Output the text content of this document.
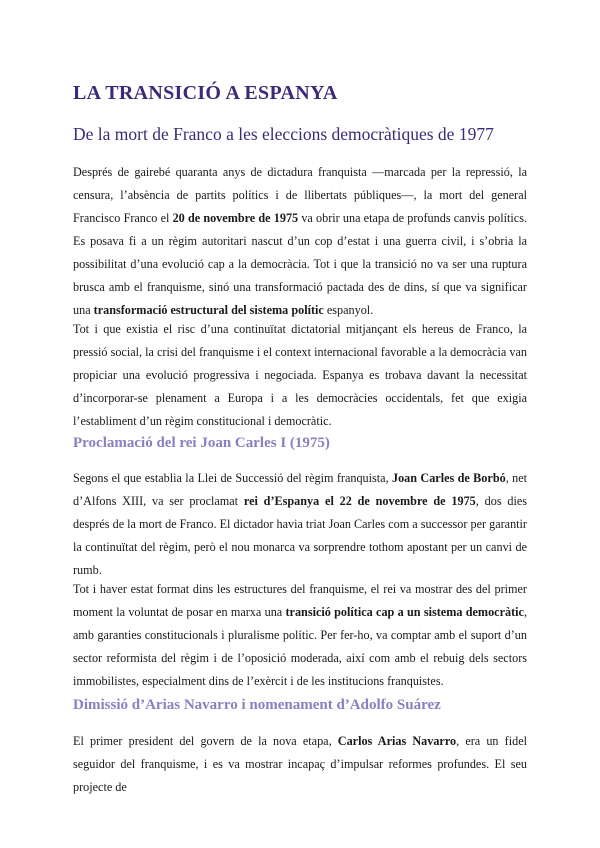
LA TRANSICIÓ A ESPANYA
De la mort de Franco a les eleccions democràtiques de 1977

Després de gairebé quaranta anys de dictadura franquista —marcada per la repressió, la censura, l’absència de partits polítics i de llibertats públiques—, la mort del general Francisco Franco el 20 de novembre de 1975 va obrir una etapa de profunds canvis polítics. Es posava fi a un règim autoritari nascut d’un cop d’estat i una guerra civil, i s’obria la possibilitat d’una evolució cap a la democràcia. Tot i que la transició no va ser una ruptura brusca amb el franquisme, sinó una transformació pactada des de dins, sí que va significar una transformació estructural del sistema polític espanyol.

Tot i que existia el risc d’una continuïtat dictatorial mitjançant els hereus de Franco, la pressió social, la crisi del franquisme i el context internacional favorable a la democràcia van propiciar una evolució progressiva i negociada. Espanya es trobava davant la necessitat d’incorporar-se plenament a Europa i a les democràcies occidentals, fet que exigia l’establiment d’un règim constitucional i democràtic.

Proclamació del rei Joan Carles I (1975)

Segons el que establia la Llei de Successió del règim franquista, Joan Carles de Borbó, net d’Alfons XIII, va ser proclamat rei d’Espanya el 22 de novembre de 1975, dos dies després de la mort de Franco. El dictador havia triat Joan Carles com a successor per garantir la continuïtat del règim, però el nou monarca va sorprendre tothom apostant per un canvi de rumb.

Tot i haver estat format dins les estructures del franquisme, el rei va mostrar des del primer moment la voluntat de posar en marxa una transició política cap a un sistema democràtic, amb garanties constitucionals i pluralisme polític. Per fer-ho, va comptar amb el suport d’un sector reformista del règim i de l’oposició moderada, així com amb el rebuig dels sectors immobilistes, especialment dins de l’exèrcit i de les institucions franquistes.

Dimissió d’Arias Navarro i nomenament d’Adolfo Suárez

El primer president del govern de la nova etapa, Carlos Arias Navarro, era un fidel seguidor del franquisme, i es va mostrar incapaç d’impulsar reformes profundes. El seu projecte de
